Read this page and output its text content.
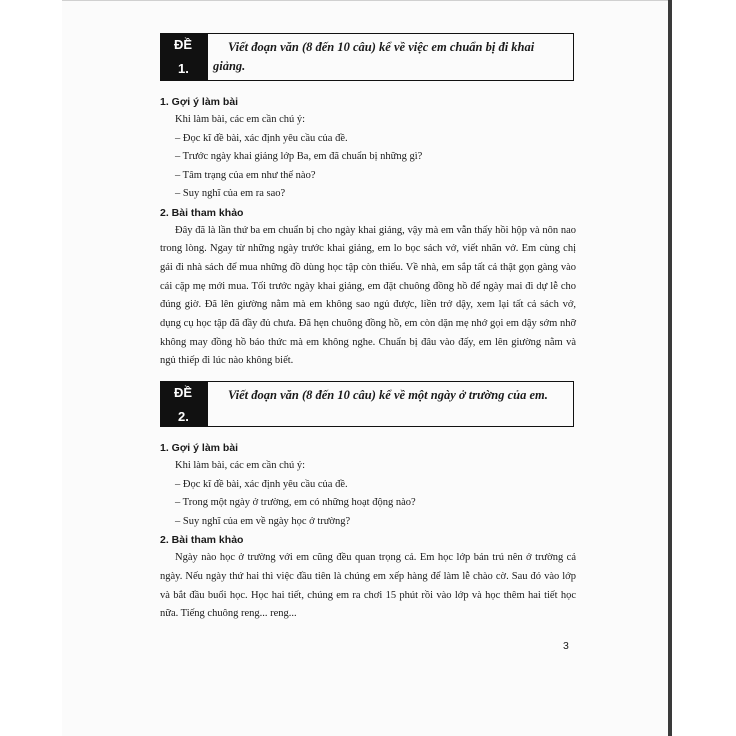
ĐỀ
1.
Viết đoạn văn (8 đến 10 câu) kể về việc em chuẩn bị đi khai giảng.

1. Gợi ý làm bài

Khi làm bài, các em cần chú ý:

– Đọc kĩ đề bài, xác định yêu cầu của đề.

– Trước ngày khai giảng lớp Ba, em đã chuẩn bị những gì?

– Tâm trạng của em như thế nào?

– Suy nghĩ của em ra sao?

2. Bài tham khảo

Đây đã là lần thứ ba em chuẩn bị cho ngày khai giảng, vậy mà em vẫn thấy hồi hộp và nôn nao trong lòng. Ngay từ những ngày trước khai giảng, em lo bọc sách vở, viết nhãn vở. Em cùng chị gái đi nhà sách để mua những đồ dùng học tập còn thiếu. Về nhà, em sắp tất cả thật gọn gàng vào cái cặp mẹ mới mua. Tối trước ngày khai giảng, em đặt chuông đồng hồ để ngày mai đi dự lễ cho đúng giờ. Đã lên giường nằm mà em không sao ngủ được, liền trở dậy, xem lại tất cả sách vở, dụng cụ học tập đã đầy đủ chưa. Đã hẹn chuông đồng hồ, em còn dặn mẹ nhớ gọi em dậy sớm nhỡ không may đồng hồ báo thức mà em không nghe. Chuẩn bị đâu vào đấy, em lên giường nằm và ngủ thiếp đi lúc nào không biết.

ĐỀ
2.
Viết đoạn văn (8 đến 10 câu) kể về một ngày ở trường của em.

1. Gợi ý làm bài

Khi làm bài, các em cần chú ý:

– Đọc kĩ đề bài, xác định yêu cầu của đề.

– Trong một ngày ở trường, em có những hoạt động nào?

– Suy nghĩ của em về ngày học ở trường?

2. Bài tham khảo

Ngày nào học ở trường với em cũng đều quan trọng cả. Em học lớp bán trú nên ở trường cả ngày. Nếu ngày thứ hai thì việc đầu tiên là chúng em xếp hàng để làm lễ chào cờ. Sau đó vào lớp và bắt đầu buổi học. Học hai tiết, chúng em ra chơi 15 phút rồi vào lớp và học thêm hai tiết học nữa. Tiếng chuông reng... reng...

3
